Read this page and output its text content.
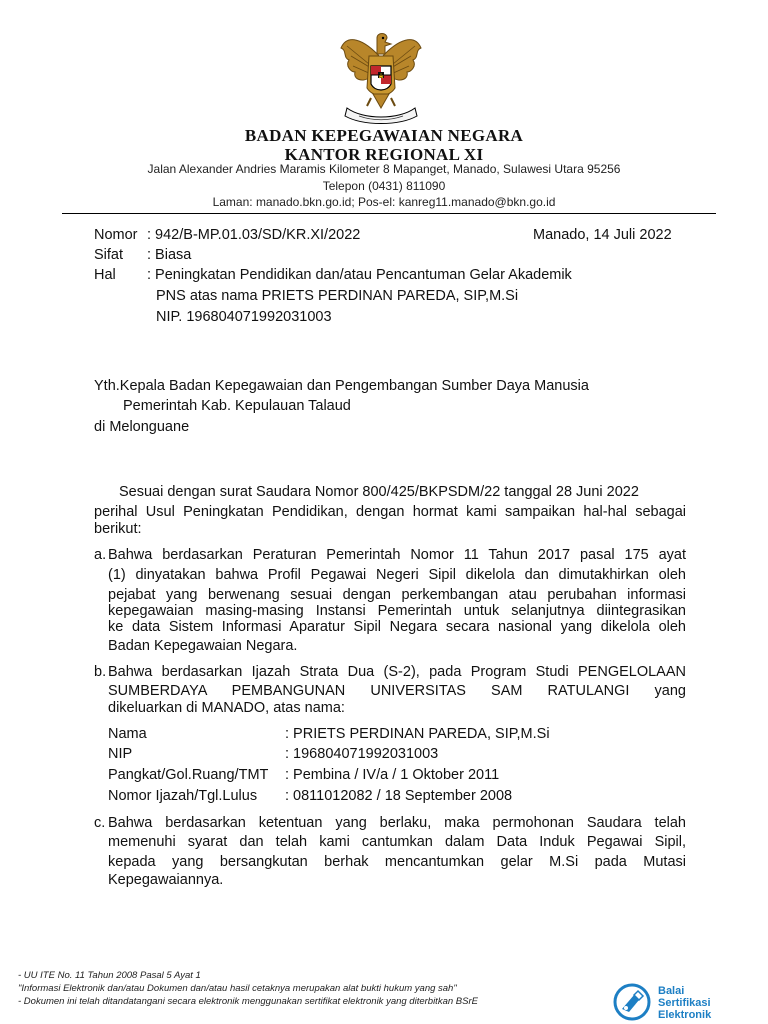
BADAN KEPEGAWAIAN NEGARA
KANTOR REGIONAL XI
Jalan Alexander Andries Maramis Kilometer 8 Mapanget, Manado, Sulawesi Utara 95256
Telepon (0431) 811090
Laman: manado.bkn.go.id; Pos-el: kanreg11.manado@bkn.go.id
Nomor : 942/B-MP.01.03/SD/KR.XI/2022	Manado, 14 Juli 2022
Sifat : Biasa
Hal : Peningkatan Pendidikan dan/atau Pencantuman Gelar Akademik
PNS atas nama PRIETS PERDINAN PAREDA, SIP,M.Si
NIP. 196804071992031003
Yth.Kepala Badan Kepegawaian dan Pengembangan Sumber Daya Manusia
Pemerintah Kab. Kepulauan Talaud
di Melonguane
Sesuai dengan surat Saudara Nomor 800/425/BKPSDM/22 tanggal 28 Juni 2022
perihal Usul Peningkatan Pendidikan, dengan hormat kami sampaikan hal-hal sebagai
berikut:
a. Bahwa berdasarkan Peraturan Pemerintah Nomor 11 Tahun 2017 pasal 175 ayat
(1) dinyatakan bahwa Profil Pegawai Negeri Sipil dikelola dan dimutakhirkan oleh
pejabat yang berwenang sesuai dengan perkembangan atau perubahan informasi
kepegawaian masing-masing Instansi Pemerintah untuk selanjutnya diintegrasikan
ke data Sistem Informasi Aparatur Sipil Negara secara nasional yang dikelola oleh
Badan Kepegawaian Negara.
b. Bahwa berdasarkan Ijazah Strata Dua (S-2), pada Program Studi PENGELOLAAN
SUMBERDAYA PEMBANGUNAN UNIVERSITAS SAM RATULANGI yang
dikeluarkan di MANADO, atas nama:
Nama	: PRIETS PERDINAN PAREDA, SIP,M.Si
NIP	: 196804071992031003
Pangkat/Gol.Ruang/TMT : Pembina / IV/a / 1 Oktober 2011
Nomor Ijazah/Tgl.Lulus : 0811012082 / 18 September 2008
c. Bahwa berdasarkan ketentuan yang berlaku, maka permohonan Saudara telah
memenuhi syarat dan telah kami cantumkan dalam Data Induk Pegawai Sipil,
kepada yang bersangkutan berhak mencantumkan gelar M.Si pada Mutasi
Kepegawaiannya.
- UU ITE No. 11 Tahun 2008 Pasal 5 Ayat 1
"Informasi Elektronik dan/atau Dokumen dan/atau hasil cetaknya merupakan alat bukti hukum yang sah"
- Dokumen ini telah ditandatangani secara elektronik menggunakan sertifikat elektronik yang diterbitkan BSrE
Balai
Sertifikasi
Elektronik
